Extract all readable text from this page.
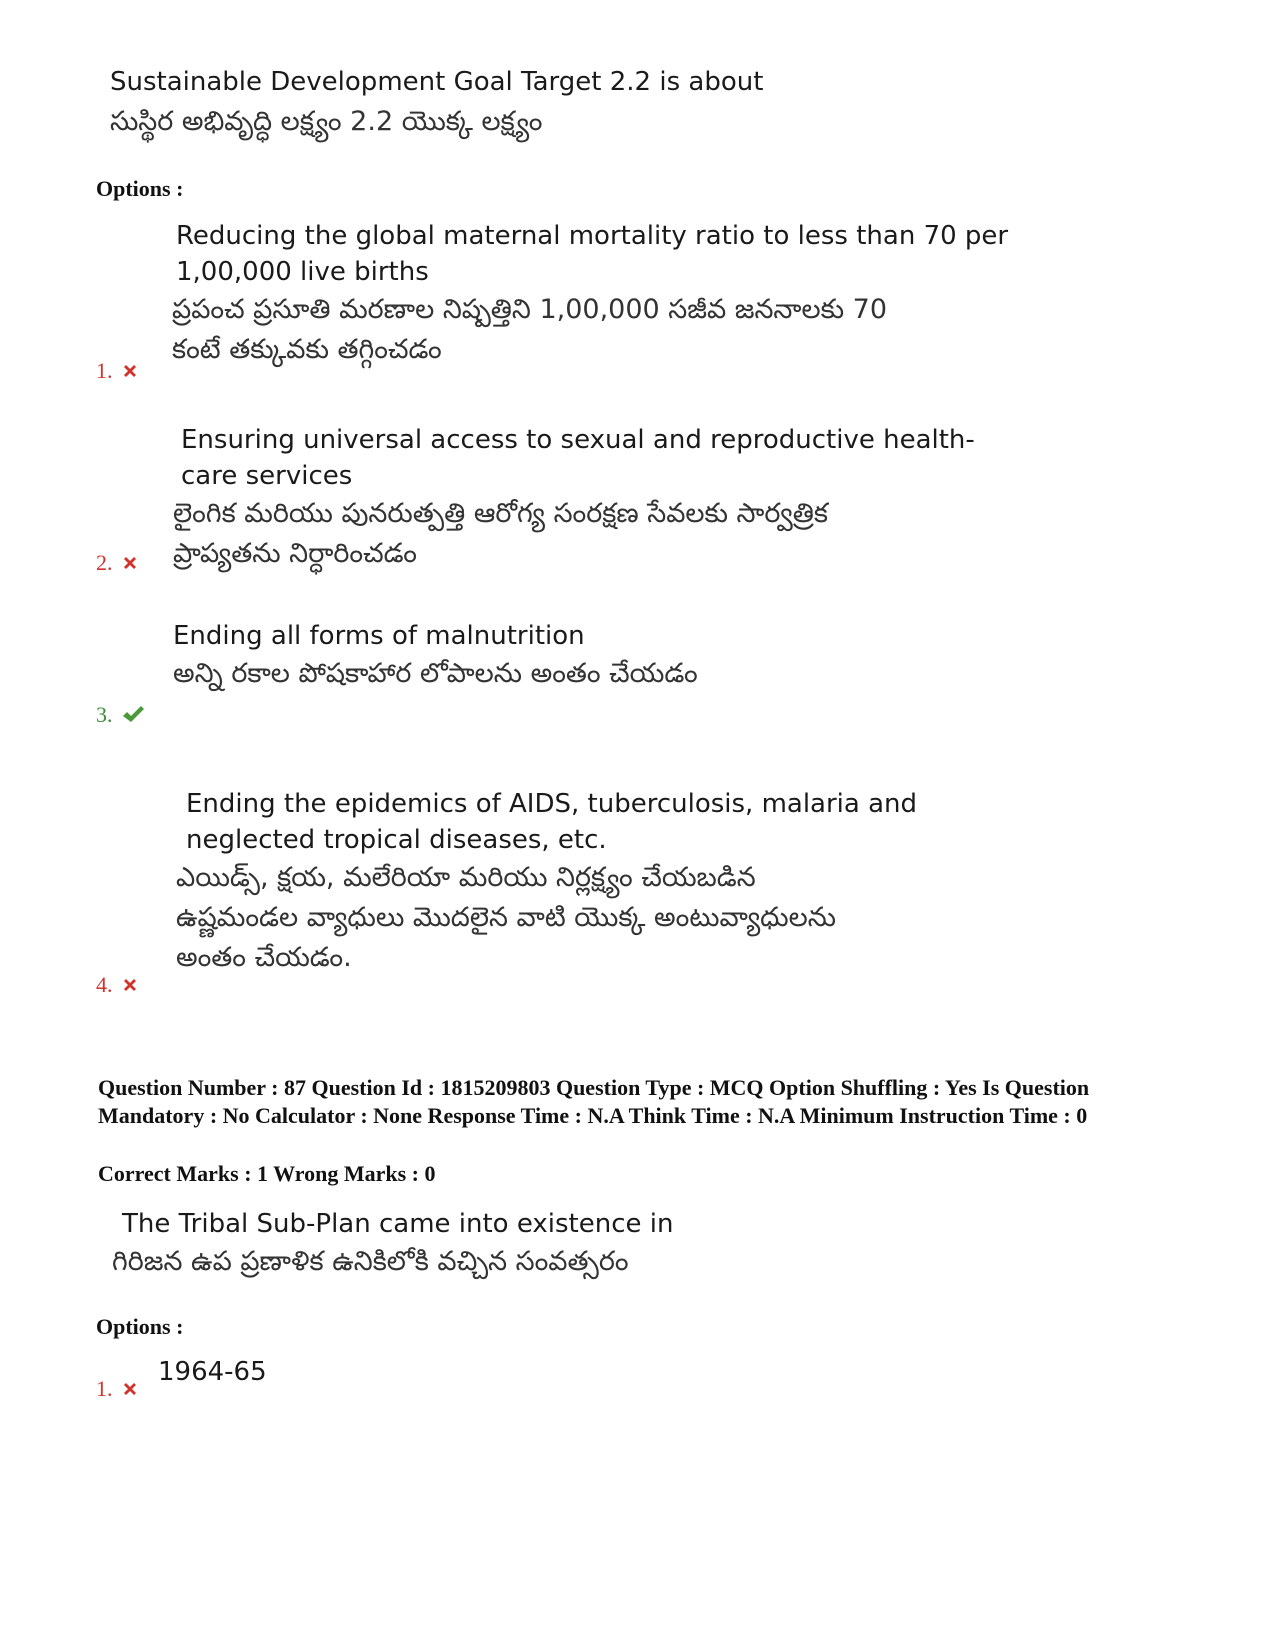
Sustainable Development Goal Target 2.2 is about
సుస్థిర అభివృద్ధి లక్ష్యం 2.2 యొక్క లక్ష్యం
Options :
Reducing the global maternal mortality ratio to less than 70 per
1,00,000 live births
ప్రపంచ ప్రసూతి మరణాల నిష్పత్తిని 1,00,000 సజీవ జననాలకు 70
కంటే తక్కువకు తగ్గించడం
1.
Ensuring universal access to sexual and reproductive health-
care services
లైంగిక మరియు పునరుత్పత్తి ఆరోగ్య సంరక్షణ సేవలకు సార్వత్రిక
ప్రాప్యతను నిర్ధారించడం
2.
Ending all forms of malnutrition
అన్ని రకాల పోషకాహార లోపాలను అంతం చేయడం
3.
Ending the epidemics of AIDS, tuberculosis, malaria and
neglected tropical diseases, etc.
ఎయిడ్స్, క్షయ, మలేరియా మరియు నిర్లక్ష్యం చేయబడిన
ఉష్ణమండల వ్యాధులు మొదలైన వాటి యొక్క అంటువ్యాధులను
అంతం చేయడం.
4.
Question Number : 87 Question Id : 1815209803 Question Type : MCQ Option Shuffling : Yes Is Question Mandatory : No Calculator : None Response Time : N.A Think Time : N.A Minimum Instruction Time : 0
Correct Marks : 1 Wrong Marks : 0
The Tribal Sub-Plan came into existence in
గిరిజన ఉప ప్రణాళిక ఉనికిలోకి వచ్చిన సంవత్సరం
Options :
1964-65
1.
